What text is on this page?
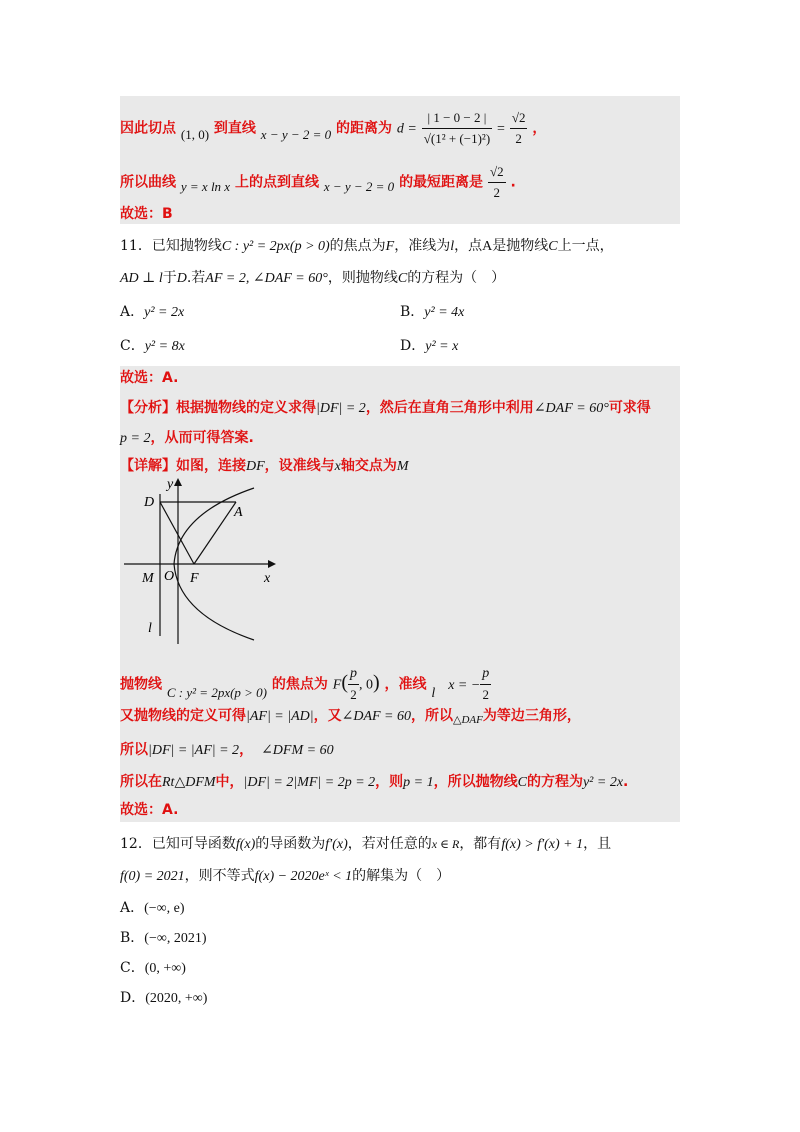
因此切点 (1, 0) 到直线 x − y − 2 = 0 的距离为 $d = \frac{| 1 - 0 - 2 |}{\text{√(1² + (−1)²)}} = \frac{√2}{2}$ ，
所以曲线 y = x ln x 上的点到直线 x − y − 2 = 0 的最短距离是 $\frac{√2}{2}$ .
故选：B
11．已知抛物线C : y² = 2px(p > 0)的焦点为F，准线为l，点A是抛物线C上一点，
AD ⊥ l于D.若AF = 2, ∠DAF = 60°，则抛物线C的方程为（　）
A．y² = 2x	B．y² = 4x
C．y² = 8x	D．y² = x
故选：A.
【分析】根据抛物线的定义求得|DF| = 2，然后在直角三角形中利用∠DAF = 60°可求得
p = 2，从而可得答案.
【详解】如图，连接DF，设准线与x轴交点为M
D
A
y
M O F	x
l
抛物线 C : y² = 2px(p > 0) 的焦点为 $F( \frac{p}{2}$ , 0) ，准线 l x = − $\frac{p}{2}$
又抛物线的定义可得|AF| = |AD|，又∠DAF = 60，所以$_{\triangle DAF}$为等边三角形，
所以|DF| = |AF| = 2， ∠DFM = 60
所以在Rt△DFM中，|DF| = 2|MF| = 2p = 2，则p = 1，所以抛物线C的方程为y² = 2x.
故选：A.
12．已知可导函数f(x)的导函数为f′(x)，若对任意的x ∈ R，都有f(x) > f′(x) + 1，且
f(0) = 2021，则不等式f(x) − 2020eˣ < 1的解集为（　）
A．(−∞, e)
B．(−∞, 2021)
C．(0, +∞)
D．(2020, +∞)
